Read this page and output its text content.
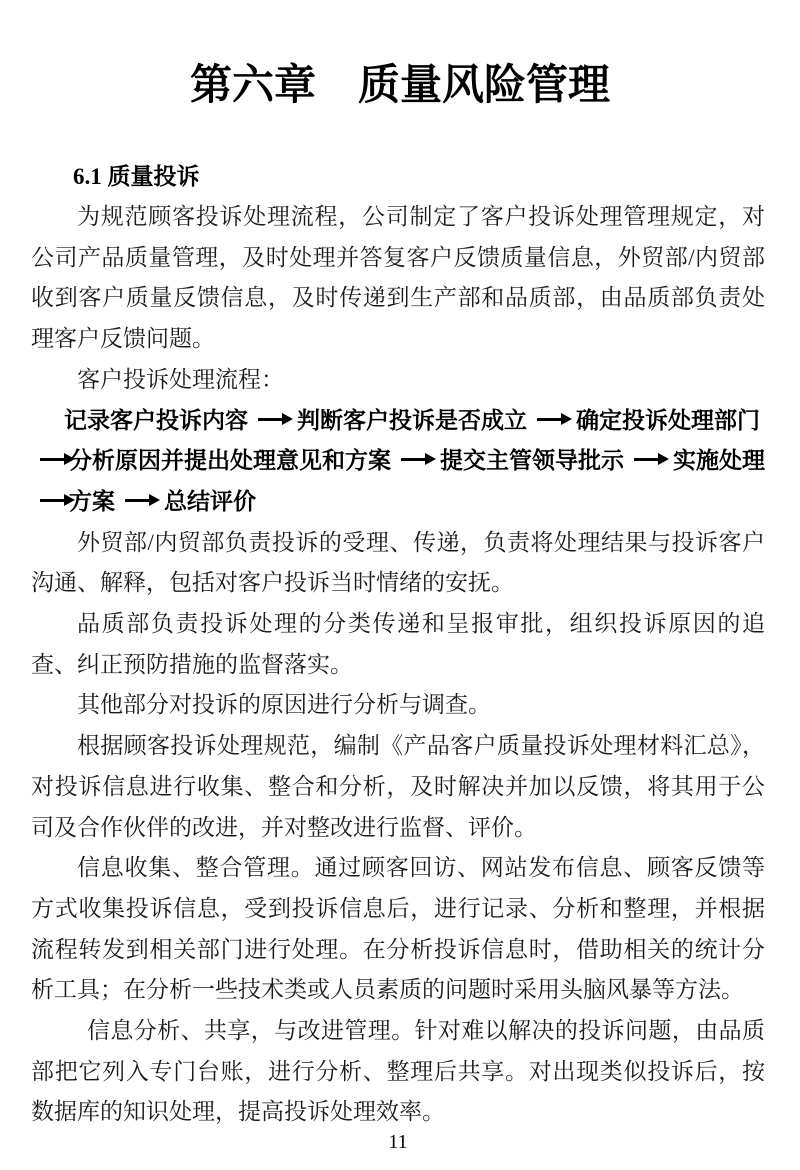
第六章　质量风险管理
6.1 质量投诉

为规范顾客投诉处理流程，公司制定了客户投诉处理管理规定，对公司产品质量管理，及时处理并答复客户反馈质量信息，外贸部/内贸部收到客户质量反馈信息，及时传递到生产部和品质部，由品质部负责处理客户反馈问题。

客户投诉处理流程：

记录客户投诉内容 判断客户投诉是否成立 确定投诉处理部门
分析原因并提出处理意见和方案 提交主管领导批示 实施处理
方案 总结评价

外贸部/内贸部负责投诉的受理、传递，负责将处理结果与投诉客户沟通、解释，包括对客户投诉当时情绪的安抚。

品质部负责投诉处理的分类传递和呈报审批，组织投诉原因的追查、纠正预防措施的监督落实。

其他部分对投诉的原因进行分析与调查。

根据顾客投诉处理规范，编制《产品客户质量投诉处理材料汇总》，对投诉信息进行收集、整合和分析，及时解决并加以反馈，将其用于公司及合作伙伴的改进，并对整改进行监督、评价。

信息收集、整合管理。通过顾客回访、网站发布信息、顾客反馈等方式收集投诉信息，受到投诉信息后，进行记录、分析和整理，并根据流程转发到相关部门进行处理。在分析投诉信息时，借助相关的统计分析工具；在分析一些技术类或人员素质的问题时采用头脑风暴等方法。

信息分析、共享，与改进管理。针对难以解决的投诉问题，由品质部把它列入专门台账，进行分析、整理后共享。对出现类似投诉后，按数据库的知识处理，提高投诉处理效率。

11
